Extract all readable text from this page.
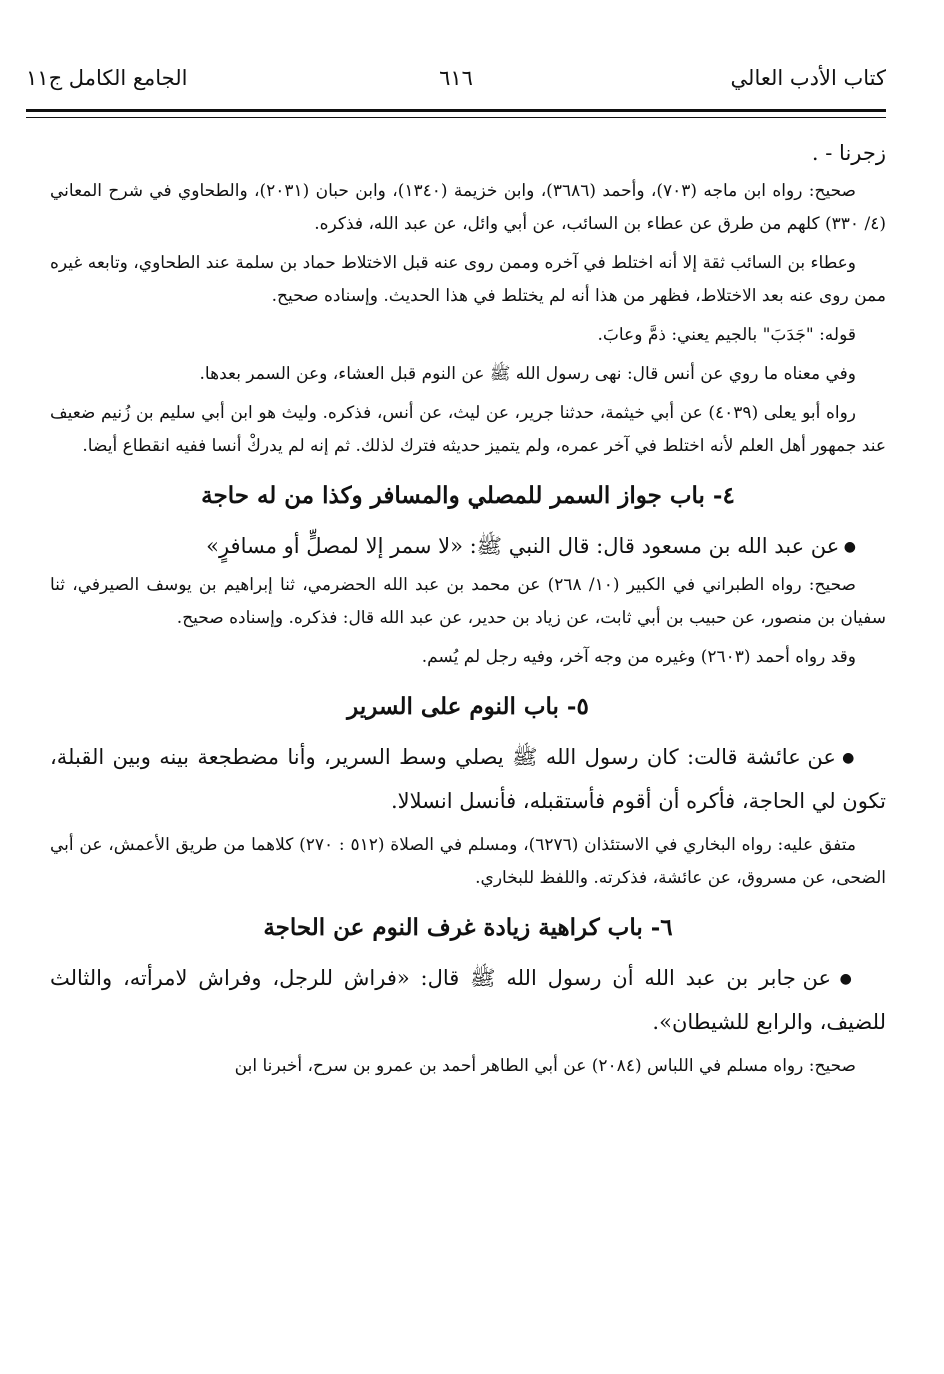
كتاب الأدب العالي
٦١٦
الجامع الكامل ج١١

زجرنا - .

صحيح: رواه ابن ماجه (٧٠٣)، وأحمد (٣٦٨٦)، وابن خزيمة (١٣٤٠)، وابن حبان (٢٠٣١)، والطحاوي في شرح المعاني (٤/ ٣٣٠) كلهم من طرق عن عطاء بن السائب، عن أبي وائل، عن عبد الله، فذكره.

وعطاء بن السائب ثقة إلا أنه اختلط في آخره وممن روى عنه قبل الاختلاط حماد بن سلمة عند الطحاوي، وتابعه غيره ممن روى عنه بعد الاختلاط، فظهر من هذا أنه لم يختلط في هذا الحديث. وإسناده صحيح.

قوله: "جَدَبَ" بالجيم يعني: ذمَّ وعابَ.

وفي معناه ما روي عن أنس قال: نهى رسول الله ﷺ عن النوم قبل العشاء، وعن السمر بعدها.

رواه أبو يعلى (٤٠٣٩) عن أبي خيثمة، حدثنا جرير، عن ليث، عن أنس، فذكره. وليث هو ابن أبي سليم بن زُنيم ضعيف عند جمهور أهل العلم لأنه اختلط في آخر عمره، ولم يتميز حديثه فترك لذلك. ثم إنه لم يدركْ أنسا ففيه انقطاع أيضا.

٤- باب جواز السمر للمصلي والمسافر وكذا من له حاجة

● عن عبد الله بن مسعود قال: قال النبي ﷺ: «لا سمر إلا لمصلٍّ أو مسافرٍ»

صحيح: رواه الطبراني في الكبير (١٠/ ٢٦٨) عن محمد بن عبد الله الحضرمي، ثنا إبراهيم بن يوسف الصيرفي، ثنا سفيان بن منصور، عن حبيب بن أبي ثابت، عن زياد بن حدير، عن عبد الله قال: فذكره. وإسناده صحيح.

وقد رواه أحمد (٢٦٠٣) وغيره من وجه آخر، وفيه رجل لم يُسم.

٥- باب النوم على السرير

● عن عائشة قالت: كان رسول الله ﷺ يصلي وسط السرير، وأنا مضطجعة بينه وبين القبلة، تكون لي الحاجة، فأكره أن أقوم فأستقبله، فأنسل انسلالا.

متفق عليه: رواه البخاري في الاستئذان (٦٢٧٦)، ومسلم في الصلاة (٥١٢ : ٢٧٠) كلاهما من طريق الأعمش، عن أبي الضحى، عن مسروق، عن عائشة، فذكرته. واللفظ للبخاري.

٦- باب كراهية زيادة غرف النوم عن الحاجة

● عن جابر بن عبد الله أن رسول الله ﷺ قال: «فراش للرجل، وفراش لامرأته، والثالث للضيف، والرابع للشيطان».

صحيح: رواه مسلم في اللباس (٢٠٨٤) عن أبي الطاهر أحمد بن عمرو بن سرح، أخبرنا ابن
